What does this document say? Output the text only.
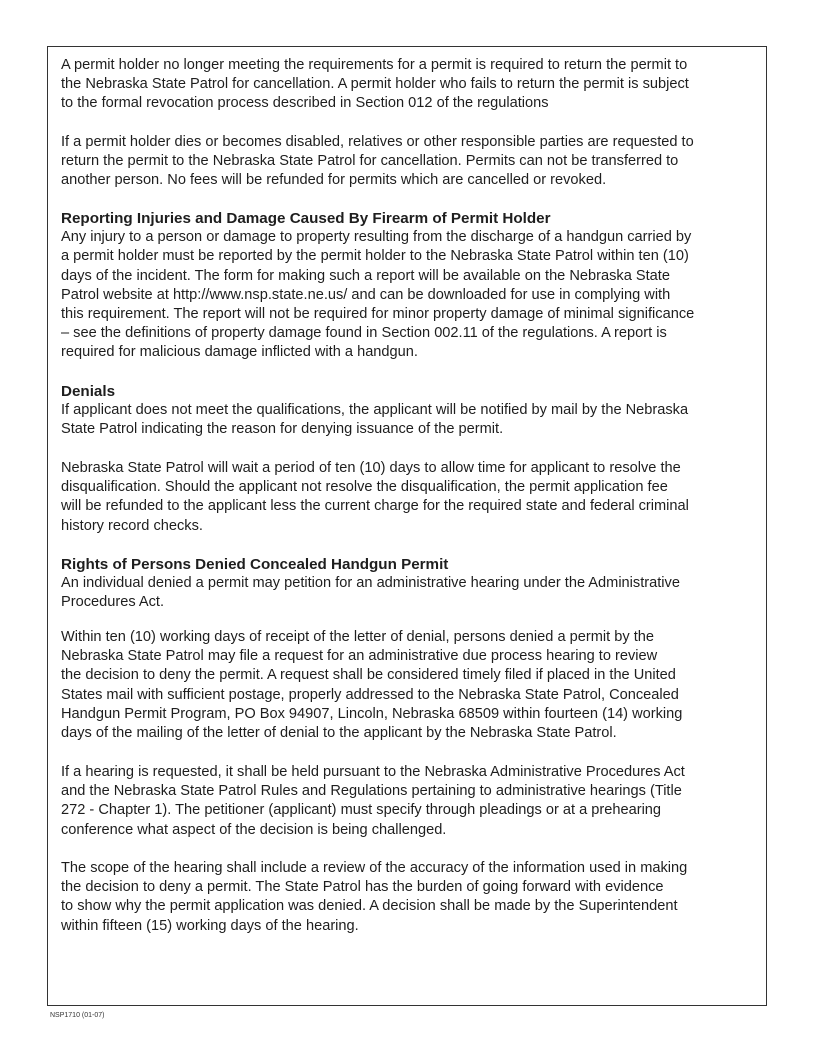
A permit holder no longer meeting the requirements for a permit is required to return the permit to
the Nebraska State Patrol for cancellation. A permit holder who fails to return the permit is subject
to the formal revocation process described in Section 012 of the regulations
If a permit holder dies or becomes disabled, relatives or other responsible parties are requested to
return the permit to the Nebraska State Patrol for cancellation. Permits can not be transferred to
another person. No fees will be refunded for permits which are cancelled or revoked.
Reporting Injuries and Damage Caused By Firearm of Permit Holder
Any injury to a person or damage to property resulting from the discharge of a handgun carried by
a permit holder must be reported by the permit holder to the Nebraska State Patrol within ten (10)
days of the incident. The form for making such a report will be available on the Nebraska State
Patrol website at http://www.nsp.state.ne.us/ and can be downloaded for use in complying with
this requirement. The report will not be required for minor property damage of minimal significance
– see the definitions of property damage found in Section 002.11 of the regulations. A report is
required for malicious damage inflicted with a handgun.
Denials
If applicant does not meet the qualifications, the applicant will be notified by mail by the Nebraska
State Patrol indicating the reason for denying issuance of the permit.
Nebraska State Patrol will wait a period of ten (10) days to allow time for applicant to resolve the
disqualification. Should the applicant not resolve the disqualification, the permit application fee
will be refunded to the applicant less the current charge for the required state and federal criminal
history record checks.
Rights of Persons Denied Concealed Handgun Permit
An individual denied a permit may petition for an administrative hearing under the Administrative
Procedures Act.
Within ten (10) working days of receipt of the letter of denial, persons denied a permit by the
Nebraska State Patrol may file a request for an administrative due process hearing to review
the decision to deny the permit. A request shall be considered timely filed if placed in the United
States mail with sufficient postage, properly addressed to the Nebraska State Patrol, Concealed
Handgun Permit Program, PO Box 94907, Lincoln, Nebraska 68509 within fourteen (14) working
days of the mailing of the letter of denial to the applicant by the Nebraska State Patrol.
If a hearing is requested, it shall be held pursuant to the Nebraska Administrative Procedures Act
and the Nebraska State Patrol Rules and Regulations pertaining to administrative hearings (Title
272 - Chapter 1). The petitioner (applicant) must specify through pleadings or at a prehearing
conference what aspect of the decision is being challenged.
The scope of the hearing shall include a review of the accuracy of the information used in making
the decision to deny a permit. The State Patrol has the burden of going forward with evidence
to show why the permit application was denied. A decision shall be made by the Superintendent
within fifteen (15) working days of the hearing.
NSP1710 (01-07)
